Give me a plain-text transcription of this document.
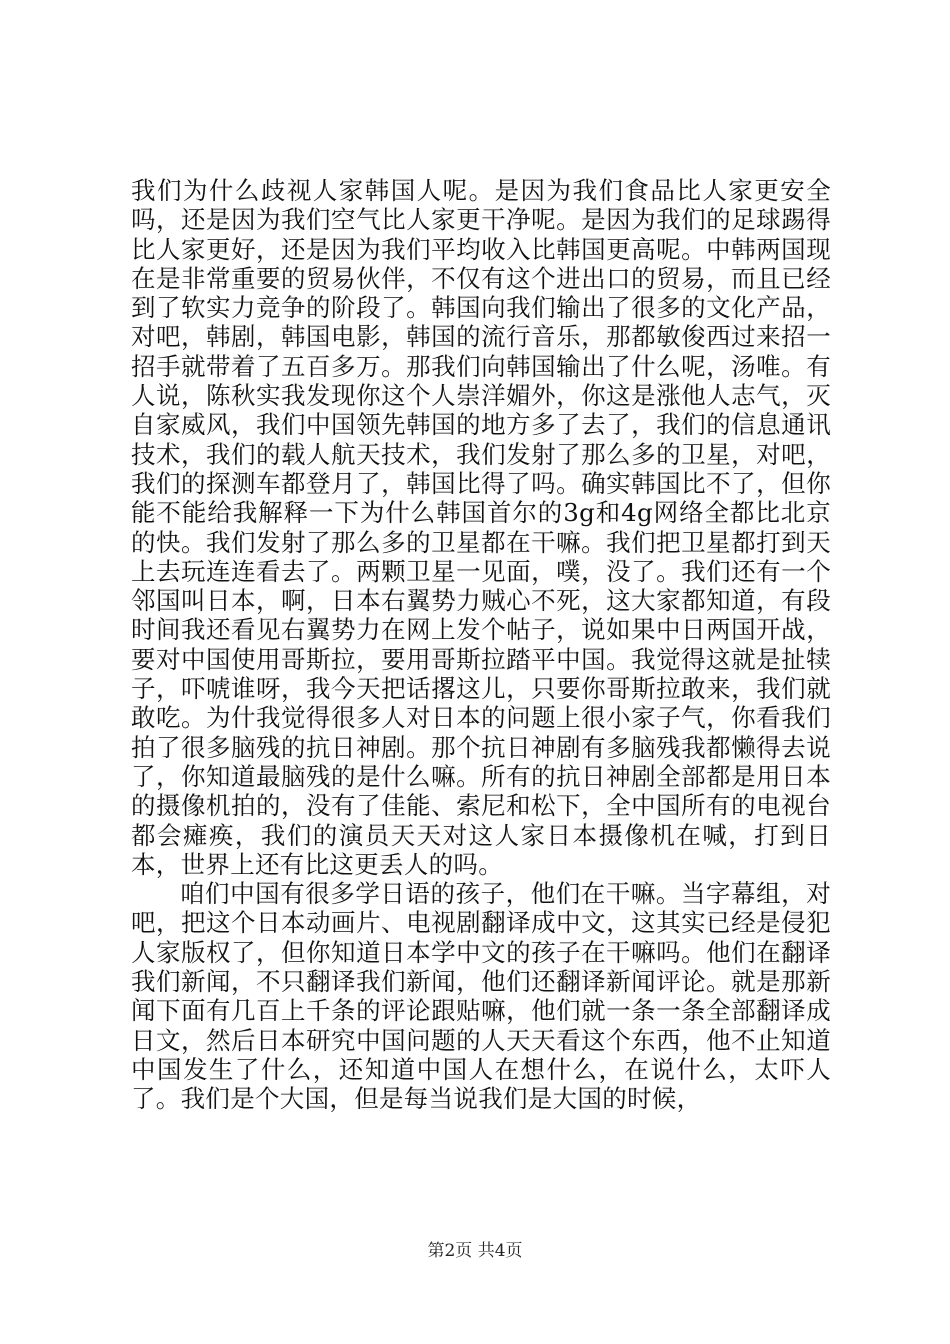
我们为什么歧视人家韩国人呢。是因为我们食品比人家更安全吗，还是因为我们空气比人家更干净呢。是因为我们的足球踢得比人家更好，还是因为我们平均收入比韩国更高呢。中韩两国现在是非常重要的贸易伙伴，不仅有这个进出口的贸易，而且已经到了软实力竞争的阶段了。韩国向我们输出了很多的文化产品，对吧，韩剧，韩国电影，韩国的流行音乐，那都敏俊西过来招一招手就带着了五百多万。那我们向韩国输出了什么呢，汤唯。有人说，陈秋实我发现你这个人崇洋媚外，你这是涨他人志气，灭自家威风，我们中国领先韩国的地方多了去了，我们的信息通讯技术，我们的载人航天技术，我们发射了那么多的卫星，对吧，我们的探测车都登月了，韩国比得了吗。确实韩国比不了，但你能不能给我解释一下为什么韩国首尔的3g和4g网络全都比北京的快。我们发射了那么多的卫星都在干嘛。我们把卫星都打到天上去玩连连看去了。两颗卫星一见面，噗，没了。我们还有一个邻国叫日本，啊，日本右翼势力贼心不死，这大家都知道，有段时间我还看见右翼势力在网上发个帖子，说如果中日两国开战，要对中国使用哥斯拉，要用哥斯拉踏平中国。我觉得这就是扯犊子，吓唬谁呀，我今天把话撂这儿，只要你哥斯拉敢来，我们就敢吃。为什我觉得很多人对日本的问题上很小家子气，你看我们拍了很多脑残的抗日神剧。那个抗日神剧有多脑残我都懒得去说了，你知道最脑残的是什么嘛。所有的抗日神剧全部都是用日本的摄像机拍的，没有了佳能、索尼和松下，全中国所有的电视台都会瘫痪，我们的演员天天对这人家日本摄像机在喊，打到日本，世界上还有比这更丢人的吗。

咱们中国有很多学日语的孩子，他们在干嘛。当字幕组，对吧，把这个日本动画片、电视剧翻译成中文，这其实已经是侵犯人家版权了，但你知道日本学中文的孩子在干嘛吗。他们在翻译我们新闻，不只翻译我们新闻，他们还翻译新闻评论。就是那新闻下面有几百上千条的评论跟贴嘛，他们就一条一条全部翻译成日文，然后日本研究中国问题的人天天看这个东西，他不止知道中国发生了什么，还知道中国人在想什么，在说什么，太吓人了。我们是个大国，但是每当说我们是大国的时候，

第2页 共4页
